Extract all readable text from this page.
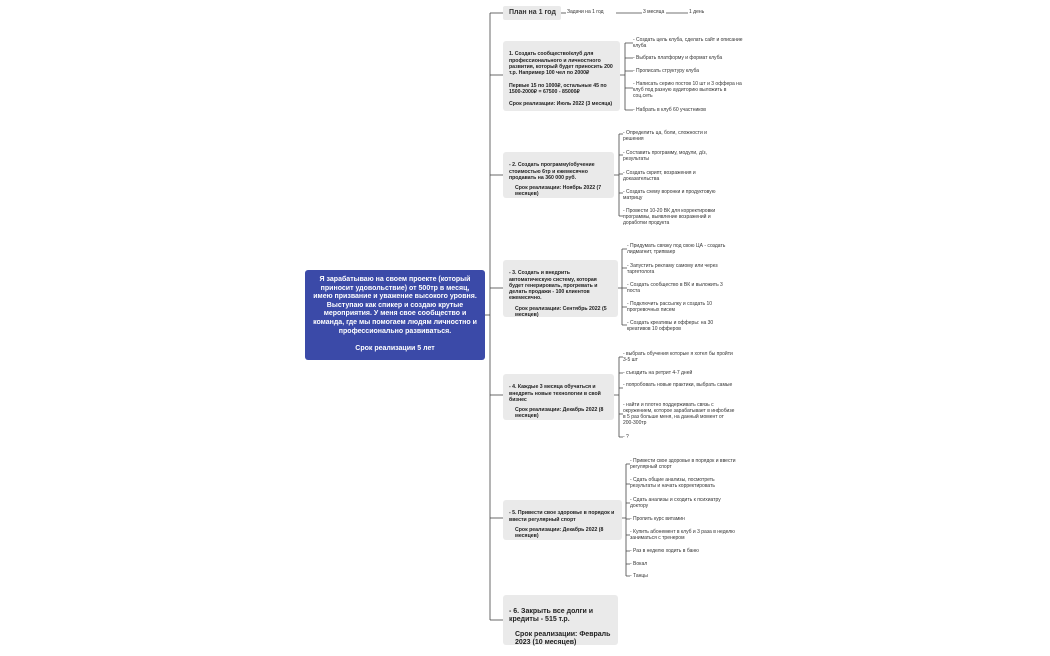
Я зарабатываю на своем проекте (который приносит удовольствие) от 500тр в месяц, имею призвание и уважение высокого уровня. Выступаю как спикер и создаю крутые мероприятия. У меня свое сообщество и команда, где мы помогаем людям личностно и профессионально развиваться.

Срок реализации 5 лет
План на 1 год	Задачи на 1 год	3 месяца	1 день

1. Создать сообщество/клуб для профессионального и личностного развития, который будет приносить 200 т.р. Например 100 чел по 2000₽

Первые 15 по 1000₽, остальные 45 по 1500-2000₽ = 67500 - 85000₽

Срок реализации: Июль 2022 (3 месяца)

- Создать цель клуба, сделать сайт и описание клуба
- Выбрать платформу и формат клуба
- Прописать структуру клуба
- Написать серию постов 10 шт и 3 оффера на клуб под разную аудиторию выложить в соц.сеть
- Набрать в клуб 60 участников

- 2. Создать программу/обучение стоимостью 6тр и ежемесячно продавать на 360 000 руб.

Срок реализации: Ноябрь 2022 (7 месяцев)

- Определить ца, боли, сложности и решения
- Составить программу, модули, д/з, результаты
- Создать скрипт, возражения и доказательства
- Создать схему воронки и продуктовую матрицу
- Провести 10-20 ВК для корректировки программы, выявление возражений и доработки продукта

- 3. Создать и внедрить автоматическую систему, которая будет генерировать, прогревать и делать продажи - 100 клиентов ежемесячно.

Срок реализации: Сентябрь 2022 (5 месяцев)

- Придумать связку под свою ЦА - создать лидмагнит, трипваер
- Запустить рекламу самому или через таргетолога
- Создать сообщество в ВК и выложить 3 поста
- Подключить рассылку и создать 10 прогревочных писем
- Создать креативы и офферы: на 30 креативов 10 офферов

- 4. Каждые 3 месяца обучаться и внедрять новые технологии в свой бизнес

Срок реализации: Декабрь 2022 (8 месяцев)

- выбрать обучения которые я хотел бы пройти 3-5 шт
- съездить на ретрит 4-7 дней
- попробовать новые практики, выбрать самые
- найти и плотно поддерживать связь с окружением, которое зарабатывает в инфобизе в 5 раз больше меня, на данный момент от 200-300тр
- ?

- 5. Привести свое здоровье в порядок и ввести регулярный спорт

Срок реализации: Декабрь 2022 (8 месяцев)

- Привести свое здоровье в порядок и ввести регулярный спорт
- Сдать общие анализы, посмотреть результаты и начать корректировать
- Сдать анализы и сходить к психиатру доктору
- Пропить курс витамин
- Купить абонемент в клуб и 3 раза в неделю заниматься с тренером
- Раз в неделю ходить в баню
- Вокал
- Танцы

- 6. Закрыть все долги и кредиты - 515 т.р.

Срок реализации: Февраль 2023 (10 месяцев)
